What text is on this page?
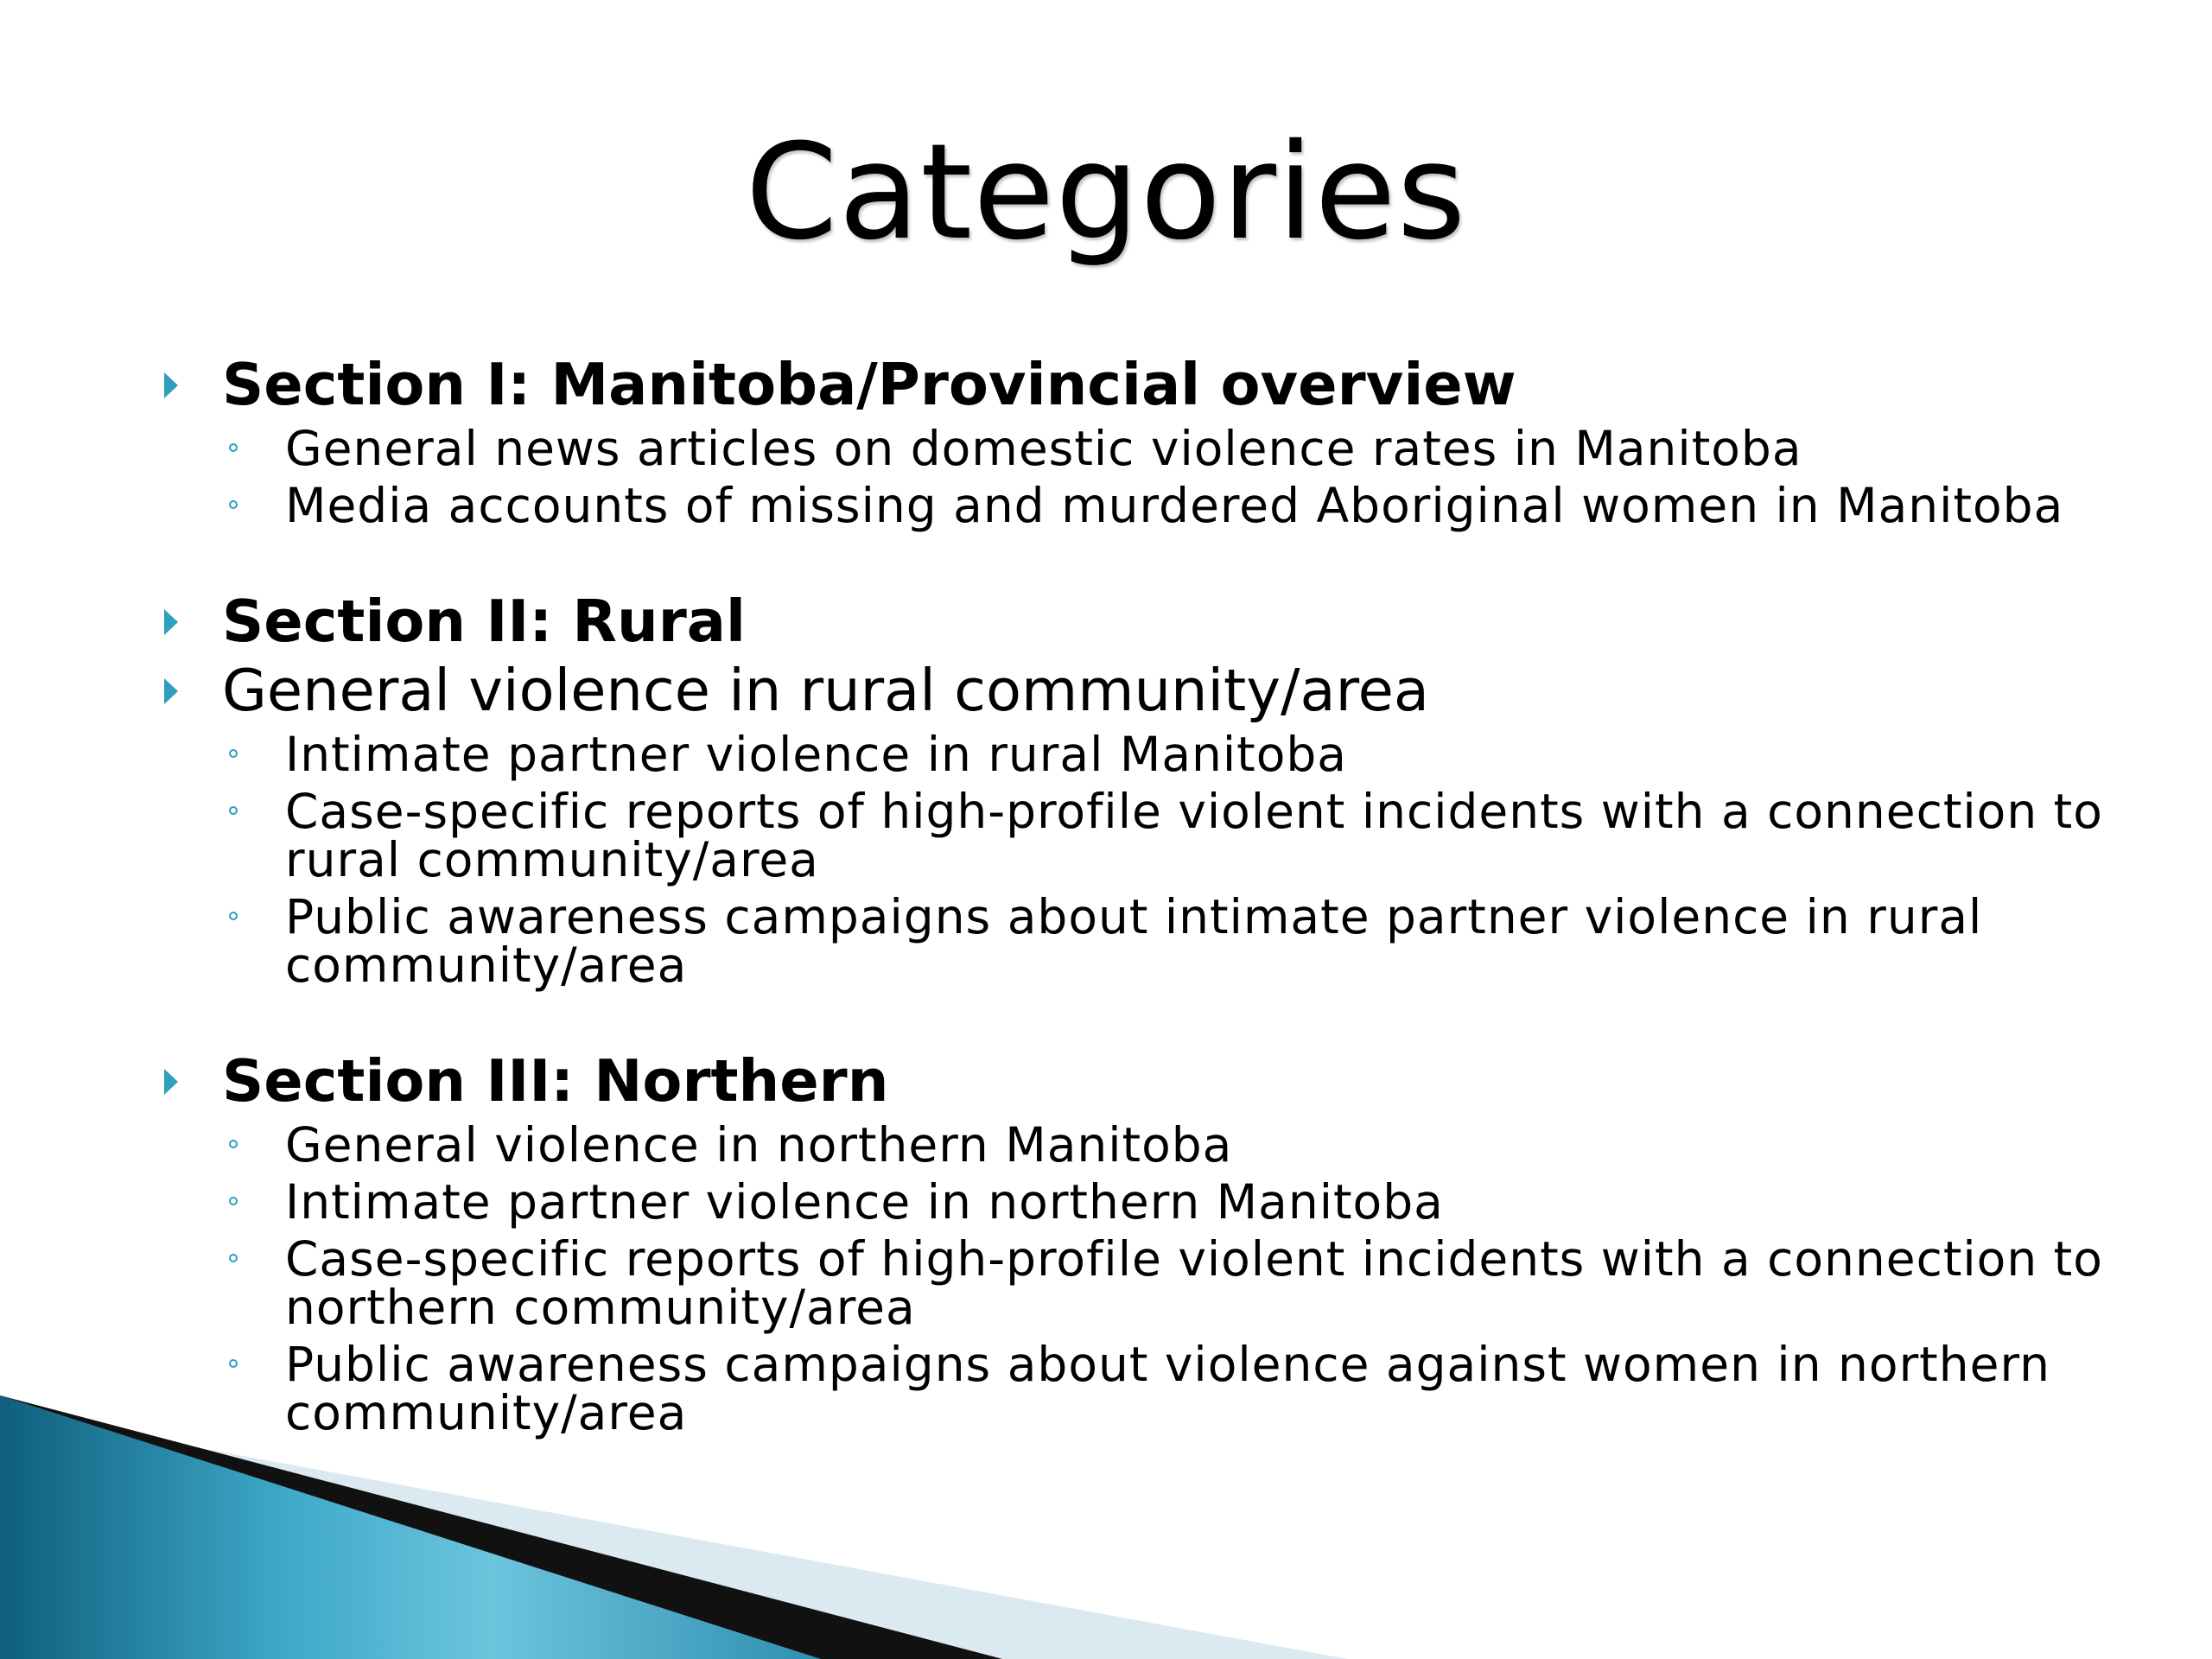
Categories
Section I: Manitoba/Provincial overview
General news articles on domestic violence rates in Manitoba
Media accounts of missing and murdered Aboriginal women in Manitoba
Section II: Rural
General violence in rural community/area
Intimate partner violence in rural Manitoba
Case-specific reports of high-profile violent incidents with a connection to rural community/area
Public awareness campaigns about intimate partner violence in rural community/area
Section III: Northern
General violence in northern Manitoba
Intimate partner violence in northern Manitoba
Case-specific reports of high-profile violent incidents with a connection to northern community/area
Public awareness campaigns about violence against women in northern community/area
